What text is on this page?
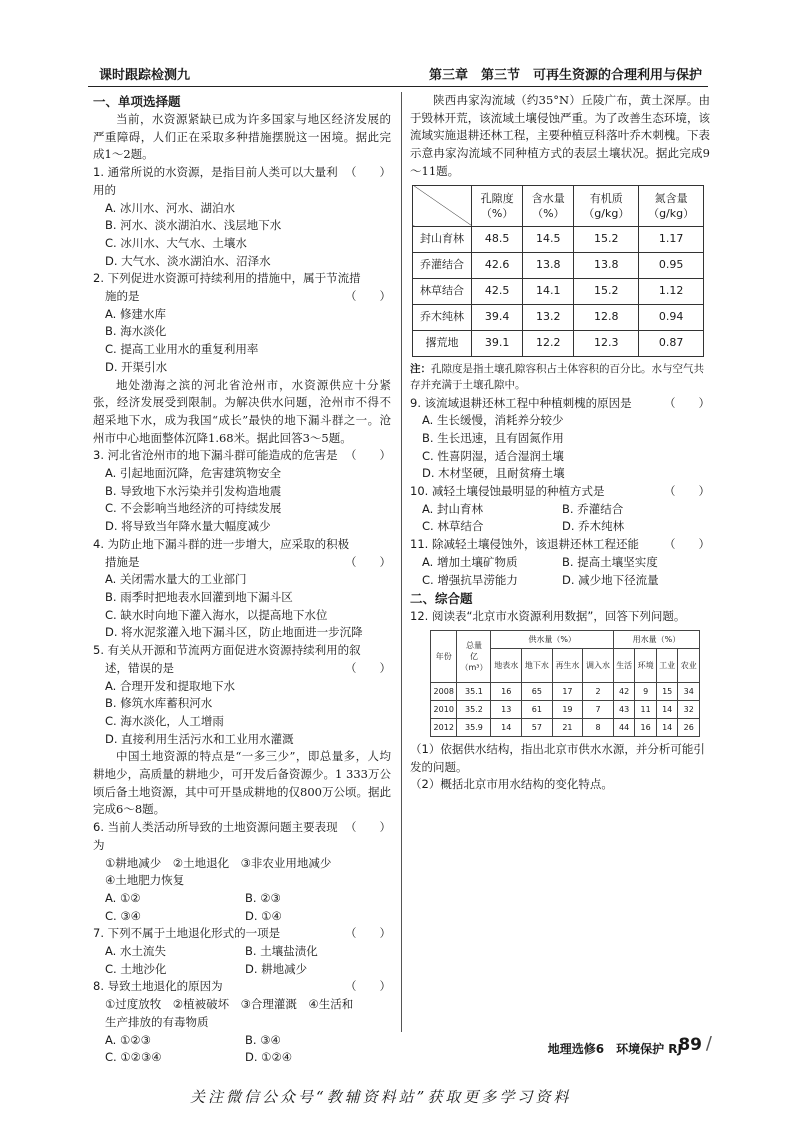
课时跟踪检测九	第三章　第三节　可再生资源的合理利用与保护
一、单项选择题

当前，水资源紧缺已成为许多国家与地区经济发展的严重障碍，人们正在采取多种措施摆脱这一困境。据此完成1～2题。

1. 通常所说的水资源，是指目前人类可以大量利用的
（　　）

A. 冰川水、河水、湖泊水

B. 河水、淡水湖泊水、浅层地下水

C. 冰川水、大气水、土壤水

D. 大气水、淡水湖泊水、沼泽水

2. 下列促进水资源可持续利用的措施中，属于节流措
施的是	（　　）

A. 修建水库

B. 海水淡化

C. 提高工业用水的重复利用率

D. 开渠引水

地处渤海之滨的河北省沧州市，水资源供应十分紧张，经济发展受到限制。为解决供水问题，沧州市不得不超采地下水，成为我国“成长”最快的地下漏斗群之一。沧州市中心地面整体沉降1.68米。据此回答3～5题。

3. 河北省沧州市的地下漏斗群可能造成的危害是 （　　）

A. 引起地面沉降，危害建筑物安全

B. 导致地下水污染并引发构造地震

C. 不会影响当地经济的可持续发展

D. 将导致当年降水量大幅度减少

4. 为防止地下漏斗群的进一步增大，应采取的积极
措施是	（　　）

A. 关闭需水量大的工业部门

B. 雨季时把地表水回灌到地下漏斗区

C. 缺水时向地下灌入海水，以提高地下水位

D. 将水泥浆灌入地下漏斗区，防止地面进一步沉降

5. 有关从开源和节流两方面促进水资源持续利用的叙
述，错误的是	（　　）

A. 合理开发和提取地下水

B. 修筑水库蓄积河水

C. 海水淡化，人工增雨

D. 直接利用生活污水和工业用水灌溉

中国土地资源的特点是“一多三少”，即总量多，人均耕地少，高质量的耕地少，可开发后备资源少。1 333万公顷后备土地资源，其中可开垦成耕地的仅800万公顷。据此完成6～8题。

6. 当前人类活动所导致的土地资源问题主要表现为
（　　）

①耕地减少　②土地退化　③非农业用地减少

④土地肥力恢复

A. ①②	B. ②③
C. ③④	D. ①④
7. 下列不属于土地退化形式的一项是	（　　）
A. 水土流失	B. 土壤盐渍化
C. 土地沙化	D. 耕地减少
8. 导致土地退化的原因为	（　　）

①过度放牧　②植被破坏　③合理灌溉　④生活和

生产排放的有毒物质

A. ①②③	B. ③④
C. ①②③④	D. ①②④

陕西冉家沟流域（约35°N）丘陵广布，黄土深厚。由于毁林开荒，该流域土壤侵蚀严重。为了改善生态环境，该流域实施退耕还林工程，主要种植豆科落叶乔木刺槐。下表示意冉家沟流域不同种植方式的表层土壤状况。据此完成9～11题。

	孔隙度（%）	含水量（%）	有机质（g/kg）	氮含量（g/kg）
封山育林	48.5	14.5	15.2	1.17
乔灌结合	42.6	13.8	13.8	0.95
林草结合	42.5	14.1	15.2	1.12
乔木纯林	39.4	13.2	12.8	0.94
撂荒地	39.1	12.2	12.3	0.87

注：孔隙度是指土壤孔隙容积占土体容积的百分比。水与空气共存并充满于土壤孔隙中。

9. 该流域退耕还林工程中种植刺槐的原因是	（　　）

A. 生长缓慢，消耗养分较少

B. 生长迅速，且有固氮作用

C. 性喜阴湿，适合湿润土壤

D. 木材坚硬，且耐贫瘠土壤

10. 减轻土壤侵蚀最明显的种植方式是	（　　）
A. 封山育林	B. 乔灌结合
C. 林草结合	D. 乔木纯林
11. 除减轻土壤侵蚀外，该退耕还林工程还能 （　　）
A. 增加土壤矿物质	B. 提高土壤坚实度
C. 增强抗旱涝能力	D. 减少地下径流量
二、综合题
12. 阅读表“北京市水资源利用数据”，回答下列问题。
年份	总量
亿
（m³）	供水量（%）				用水量（%）			
		地表水	地下水	再生水	调入水	生活	环境	工业	农业
2008	35.1	16	65	17	2	42	9	15	34
2010	35.2	13	61	19	7	43	11	14	32
2012	35.9	14	57	21	8	44	16	14	26

（1）依据供水结构，指出北京市供水水源，并分析可能引发的问题。

（2）概括北京市用水结构的变化特点。

地理选修6　环境保护 RJ
89 /
关注微信公众号“教辅资料站”获取更多学习资料
